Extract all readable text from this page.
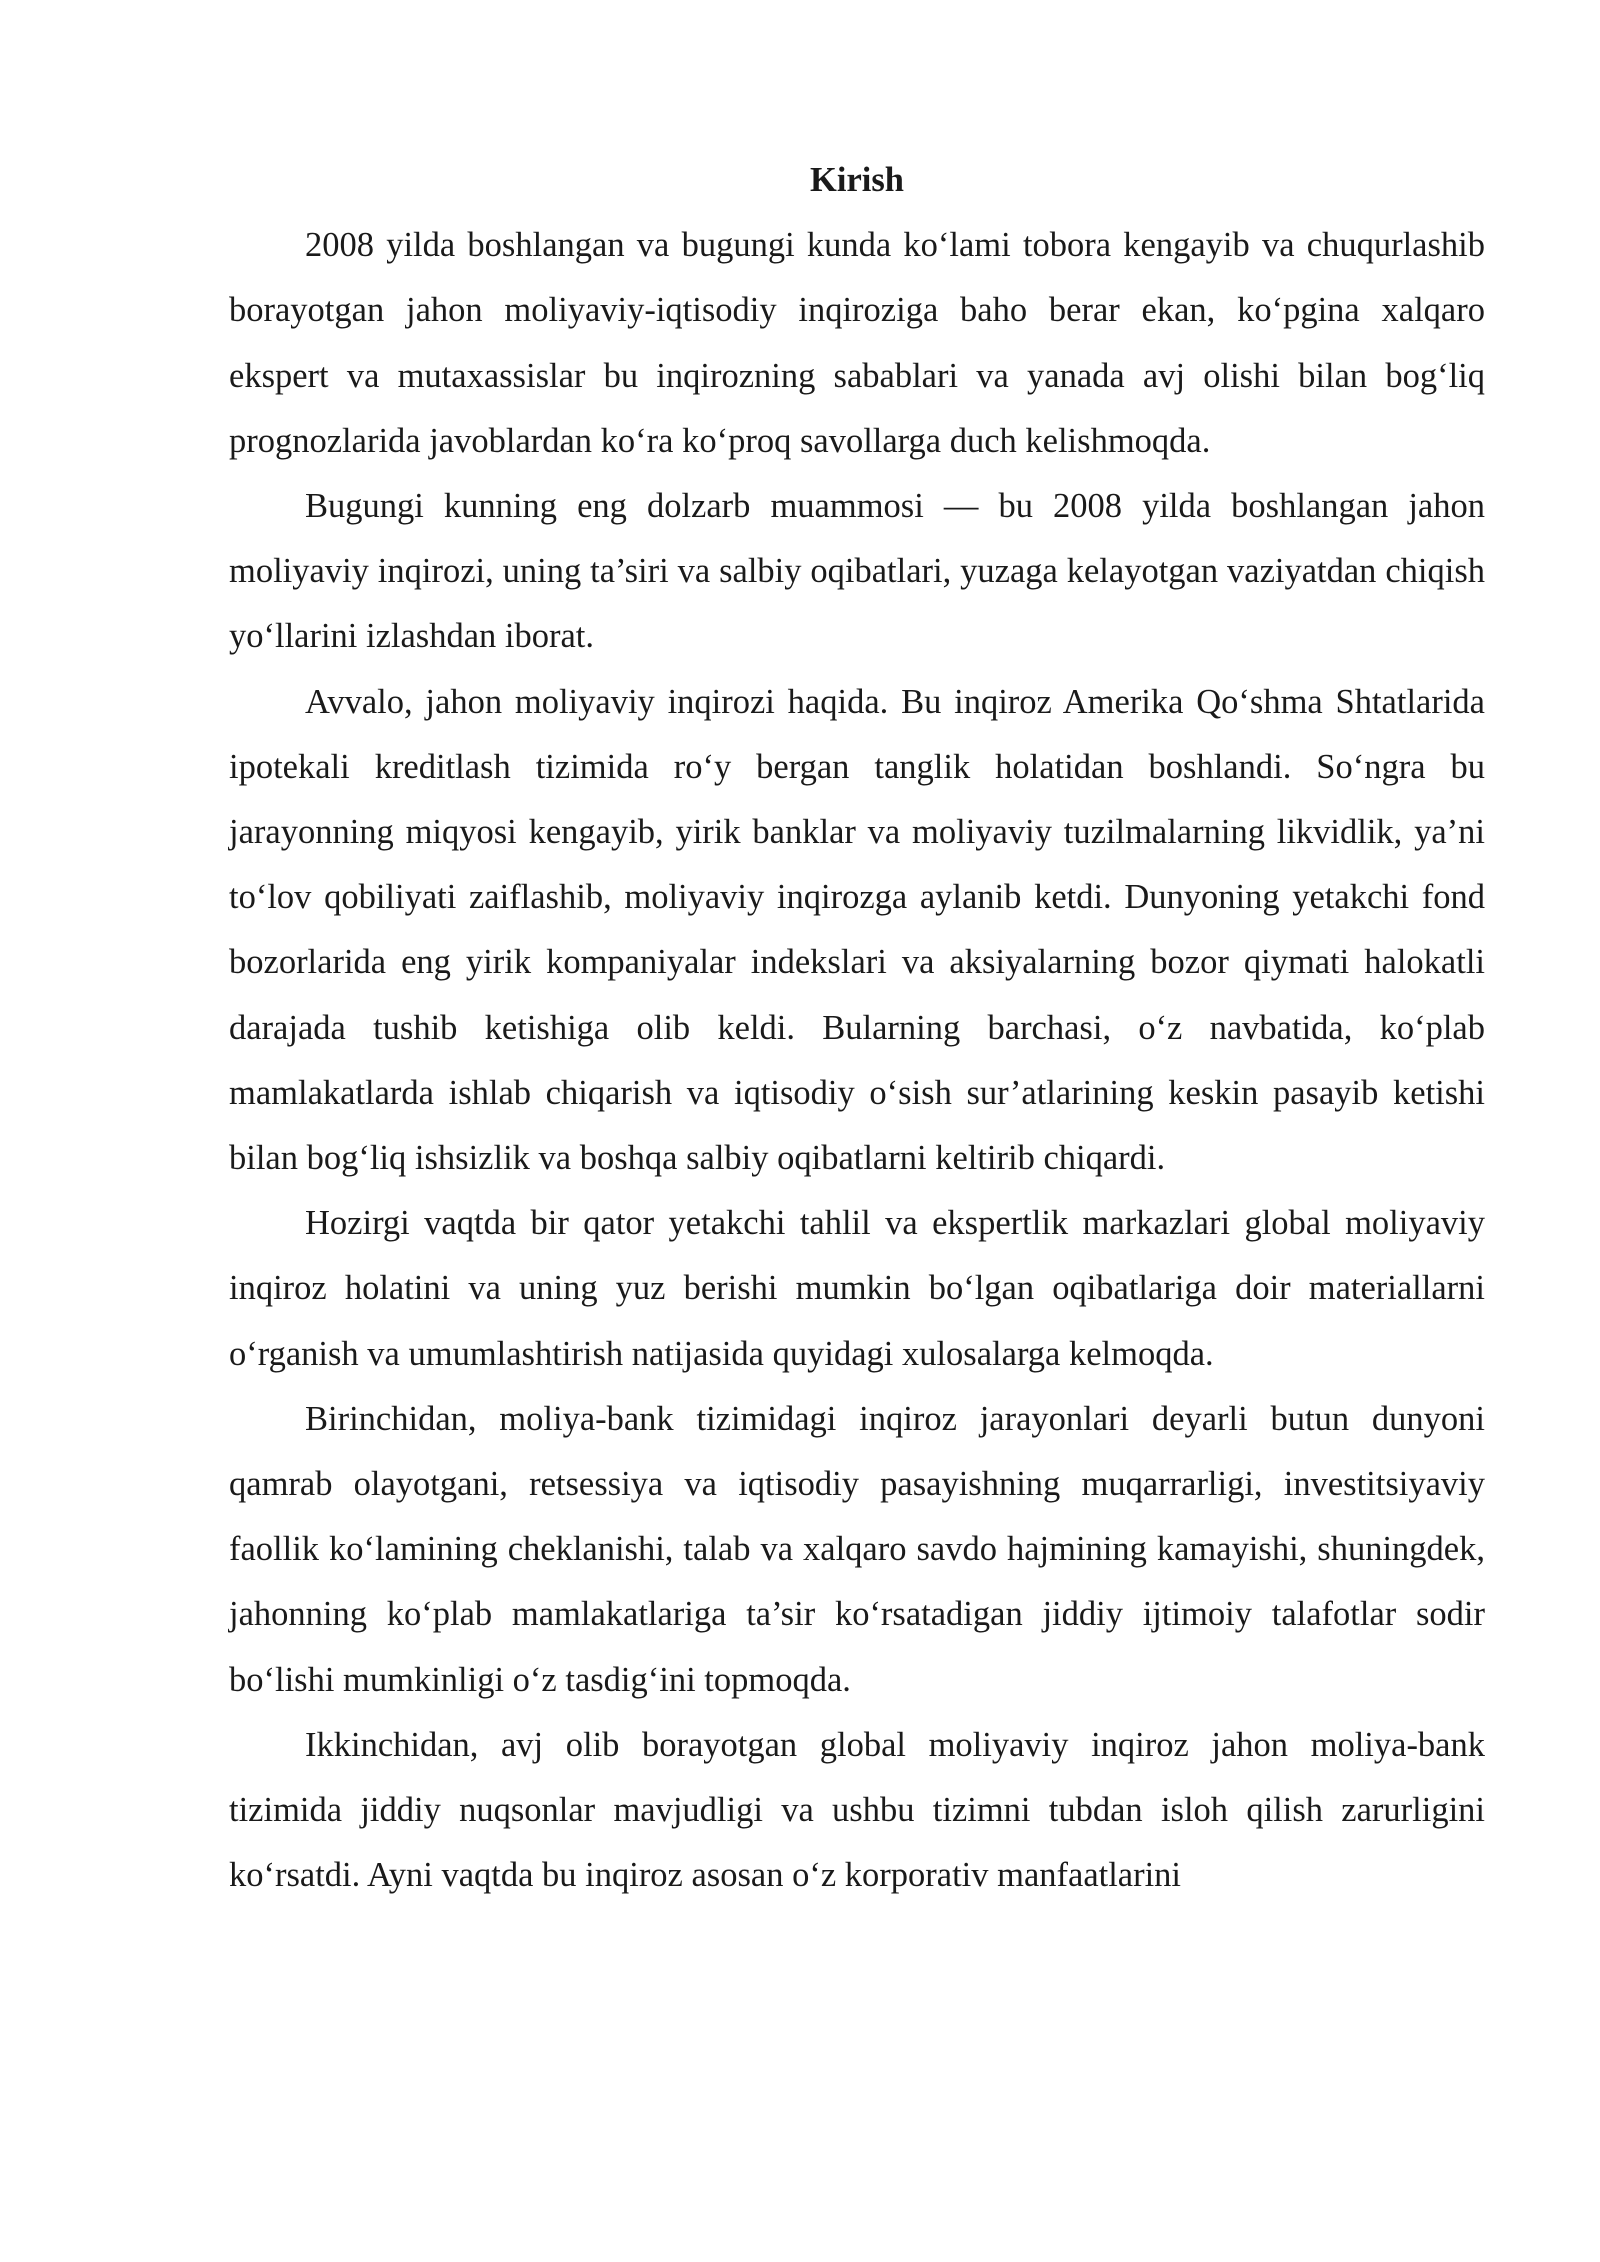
Kirish

2008 yilda boshlangan va bugungi kunda ko‘lami tobora kengayib va chuqurlashib borayotgan jahon moliyaviy-iqtisodiy inqiroziga baho berar ekan, ko‘pgina xalqaro ekspert va mutaxassislar bu inqirozning sabablari va yanada avj olishi bilan bog‘liq prognozlarida javoblardan ko‘ra ko‘proq savollarga duch kelishmoqda.

Bugungi kunning eng dolzarb muammosi — bu 2008 yilda boshlangan jahon moliyaviy inqirozi, uning ta’siri va salbiy oqibatlari, yuzaga kelayotgan vaziyatdan chiqish yo‘llarini izlashdan iborat.

Avvalo, jahon moliyaviy inqirozi haqida. Bu inqiroz Amerika Qo‘shma Shtatlarida ipotekali kreditlash tizimida ro‘y bergan tanglik holatidan boshlandi. So‘ngra bu jarayonning miqyosi kengayib, yirik banklar va moliyaviy tuzilmalarning likvidlik, ya’ni to‘lov qobiliyati zaiflashib, moliyaviy inqirozga aylanib ketdi. Dunyoning yetakchi fond bozorlarida eng yirik kompaniyalar indekslari va aksiyalarning bozor qiymati halokatli darajada tushib ketishiga olib keldi. Bularning barchasi, o‘z navbatida, ko‘plab mamlakatlarda ishlab chiqarish va iqtisodiy o‘sish sur’atlarining keskin pasayib ketishi bilan bog‘liq ishsizlik va boshqa salbiy oqibatlarni keltirib chiqardi.

Hozirgi vaqtda bir qator yetakchi tahlil va ekspertlik markazlari global moliyaviy inqiroz holatini va uning yuz berishi mumkin bo‘lgan oqibatlariga doir materiallarni o‘rganish va umumlashtirish natijasida quyidagi xulosalarga kelmoqda.

Birinchidan, moliya-bank tizimidagi inqiroz jarayonlari deyarli butun dunyoni qamrab olayotgani, retsessiya va iqtisodiy pasayishning muqarrarligi, investitsiyaviy faollik ko‘lamining cheklanishi, talab va xalqaro savdo hajmining kamayishi, shuningdek, jahonning ko‘plab mamlakatlariga ta’sir ko‘rsatadigan jiddiy ijtimoiy talafotlar sodir bo‘lishi mumkinligi o‘z tasdig‘ini topmoqda.

Ikkinchidan, avj olib borayotgan global moliyaviy inqiroz jahon moliya-bank tizimida jiddiy nuqsonlar mavjudligi va ushbu tizimni tubdan isloh qilish zarurligini ko‘rsatdi. Ayni vaqtda bu inqiroz asosan o‘z korporativ manfaatlarini
